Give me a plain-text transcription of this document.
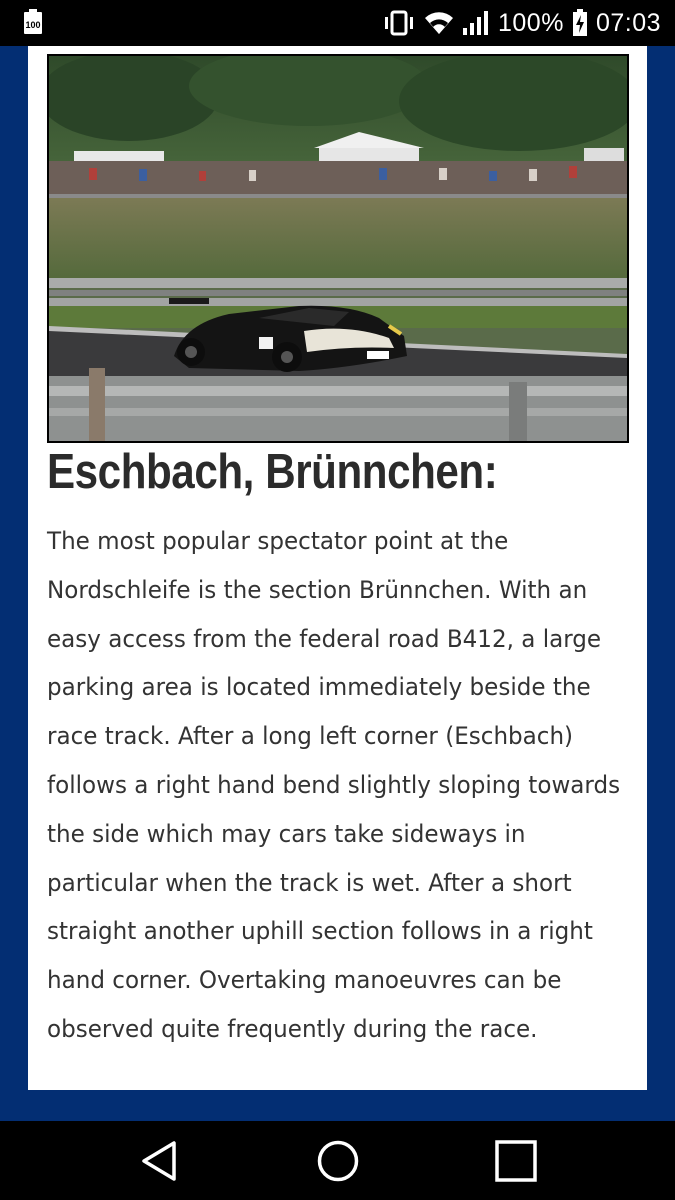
100	100% 07:03
Eschbach, Brünnchen:

The most popular spectator point at the Nordschleife is the section Brünnchen. With an easy access from the federal road B412, a large parking area is located immediately beside the race track. After a long left corner (Eschbach) follows a right hand bend slightly sloping towards the side which may cars take sideways in particular when the track is wet. After a short straight another uphill section follows in a right hand corner. Overtaking manoeuvres can be observed quite frequently during the race.
